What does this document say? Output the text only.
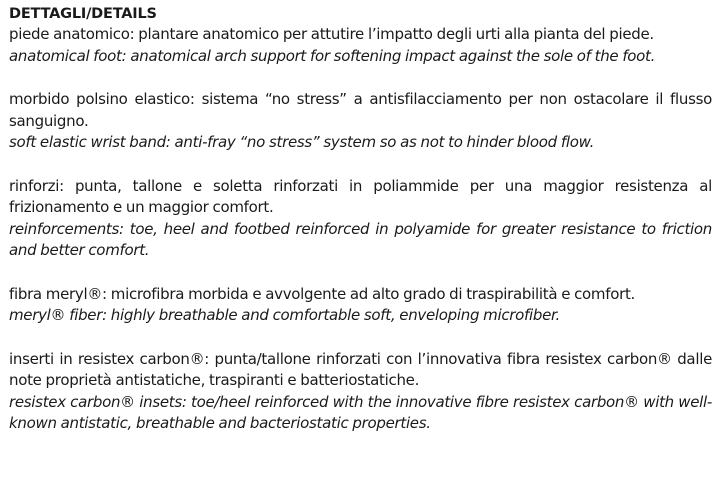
DETTAGLI/DETAILS

piede anatomico: plantare anatomico per attutire l’impatto degli urti alla pianta del piede.

anatomical foot: anatomical arch support for softening impact against the sole of the foot.

morbido polsino elastico: sistema “no stress” a antisfilacciamento per non ostacolare il flusso sanguigno.

soft elastic wrist band: anti-fray “no stress” system so as not to hinder blood flow.

rinforzi: punta, tallone e soletta rinforzati in poliammide per una maggior resistenza al frizionamento e un maggior comfort.

reinforcements: toe, heel and footbed reinforced in polyamide for greater resistance to friction and better comfort.

fibra meryl®: microfibra morbida e avvolgente ad alto grado di traspirabilità e comfort.

meryl® fiber: highly breathable and comfortable soft, enveloping microfiber.

inserti in resistex carbon®: punta/tallone rinforzati con l’innovativa fibra resistex carbon® dalle note proprietà antistatiche, traspiranti e batteriostatiche.

resistex carbon® insets: toe/heel reinforced with the innovative fibre resistex carbon® with well-known antistatic, breathable and bacteriostatic properties.
